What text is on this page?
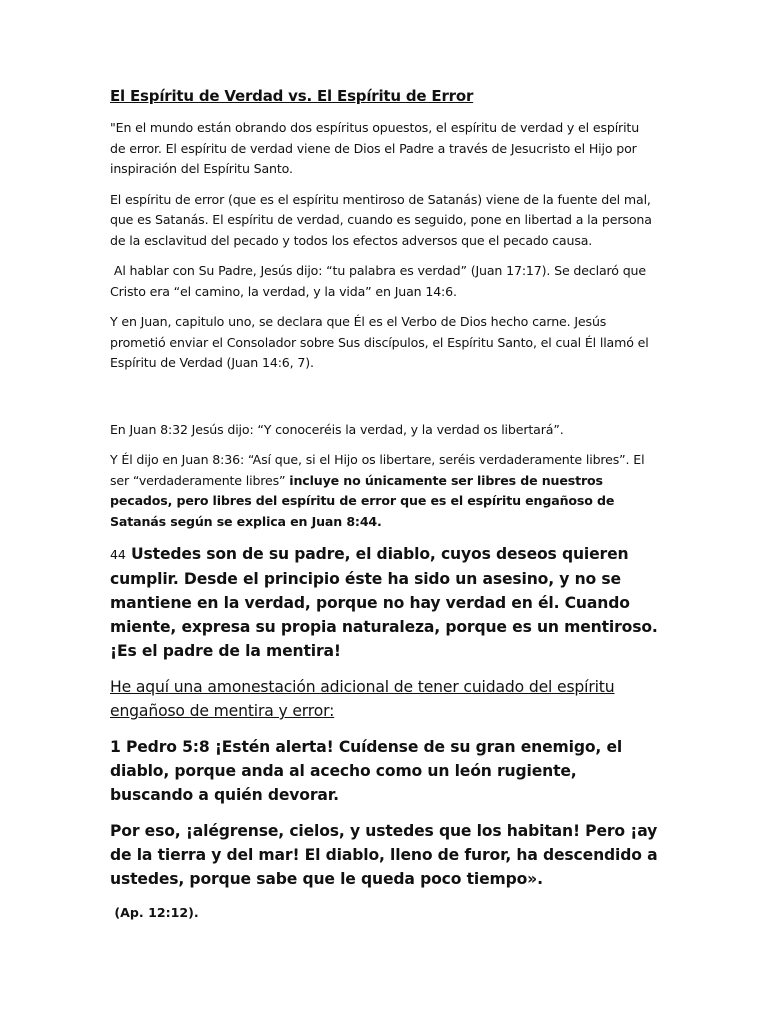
El Espíritu de Verdad vs. El Espíritu de Error

"En el mundo están obrando dos espíritus opuestos, el espíritu de verdad y el espíritu de error. El espíritu de verdad viene de Dios el Padre a través de Jesucristo el Hijo por inspiración del Espíritu Santo.

El espíritu de error (que es el espíritu mentiroso de Satanás) viene de la fuente del mal, que es Satanás. El espíritu de verdad, cuando es seguido, pone en libertad a la persona de la esclavitud del pecado y todos los efectos adversos que el pecado causa.

Al hablar con Su Padre, Jesús dijo: “tu palabra es verdad” (Juan 17:17). Se declaró que Cristo era “el camino, la verdad, y la vida” en Juan 14:6.

Y en Juan, capitulo uno, se declara que Él es el Verbo de Dios hecho carne. Jesús prometió enviar el Consolador sobre Sus discípulos, el Espíritu Santo, el cual Él llamó el Espíritu de Verdad (Juan 14:6, 7).

En Juan 8:32 Jesús dijo: “Y conoceréis la verdad, y la verdad os libertará”.

Y Él dijo en Juan 8:36: “Así que, si el Hijo os libertare, seréis verdaderamente libres”. El ser “verdaderamente libres” incluye no únicamente ser libres de nuestros pecados, pero libres del espíritu de error que es el espíritu engañoso de Satanás según se explica en Juan 8:44.

44 Ustedes son de su padre, el diablo, cuyos deseos quieren cumplir. Desde el principio éste ha sido un asesino, y no se mantiene en la verdad, porque no hay verdad en él. Cuando miente, expresa su propia naturaleza, porque es un mentiroso. ¡Es el padre de la mentira!

He aquí una amonestación adicional de tener cuidado del espíritu engañoso de mentira y error:

1 Pedro 5:8 ¡Estén alerta! Cuídense de su gran enemigo, el diablo, porque anda al acecho como un león rugiente, buscando a quién devorar.

Por eso, ¡alégrense, cielos, y ustedes que los habitan! Pero ¡ay de la tierra y del mar! El diablo, lleno de furor, ha descendido a ustedes, porque sabe que le queda poco tiempo».

(Ap. 12:12).
